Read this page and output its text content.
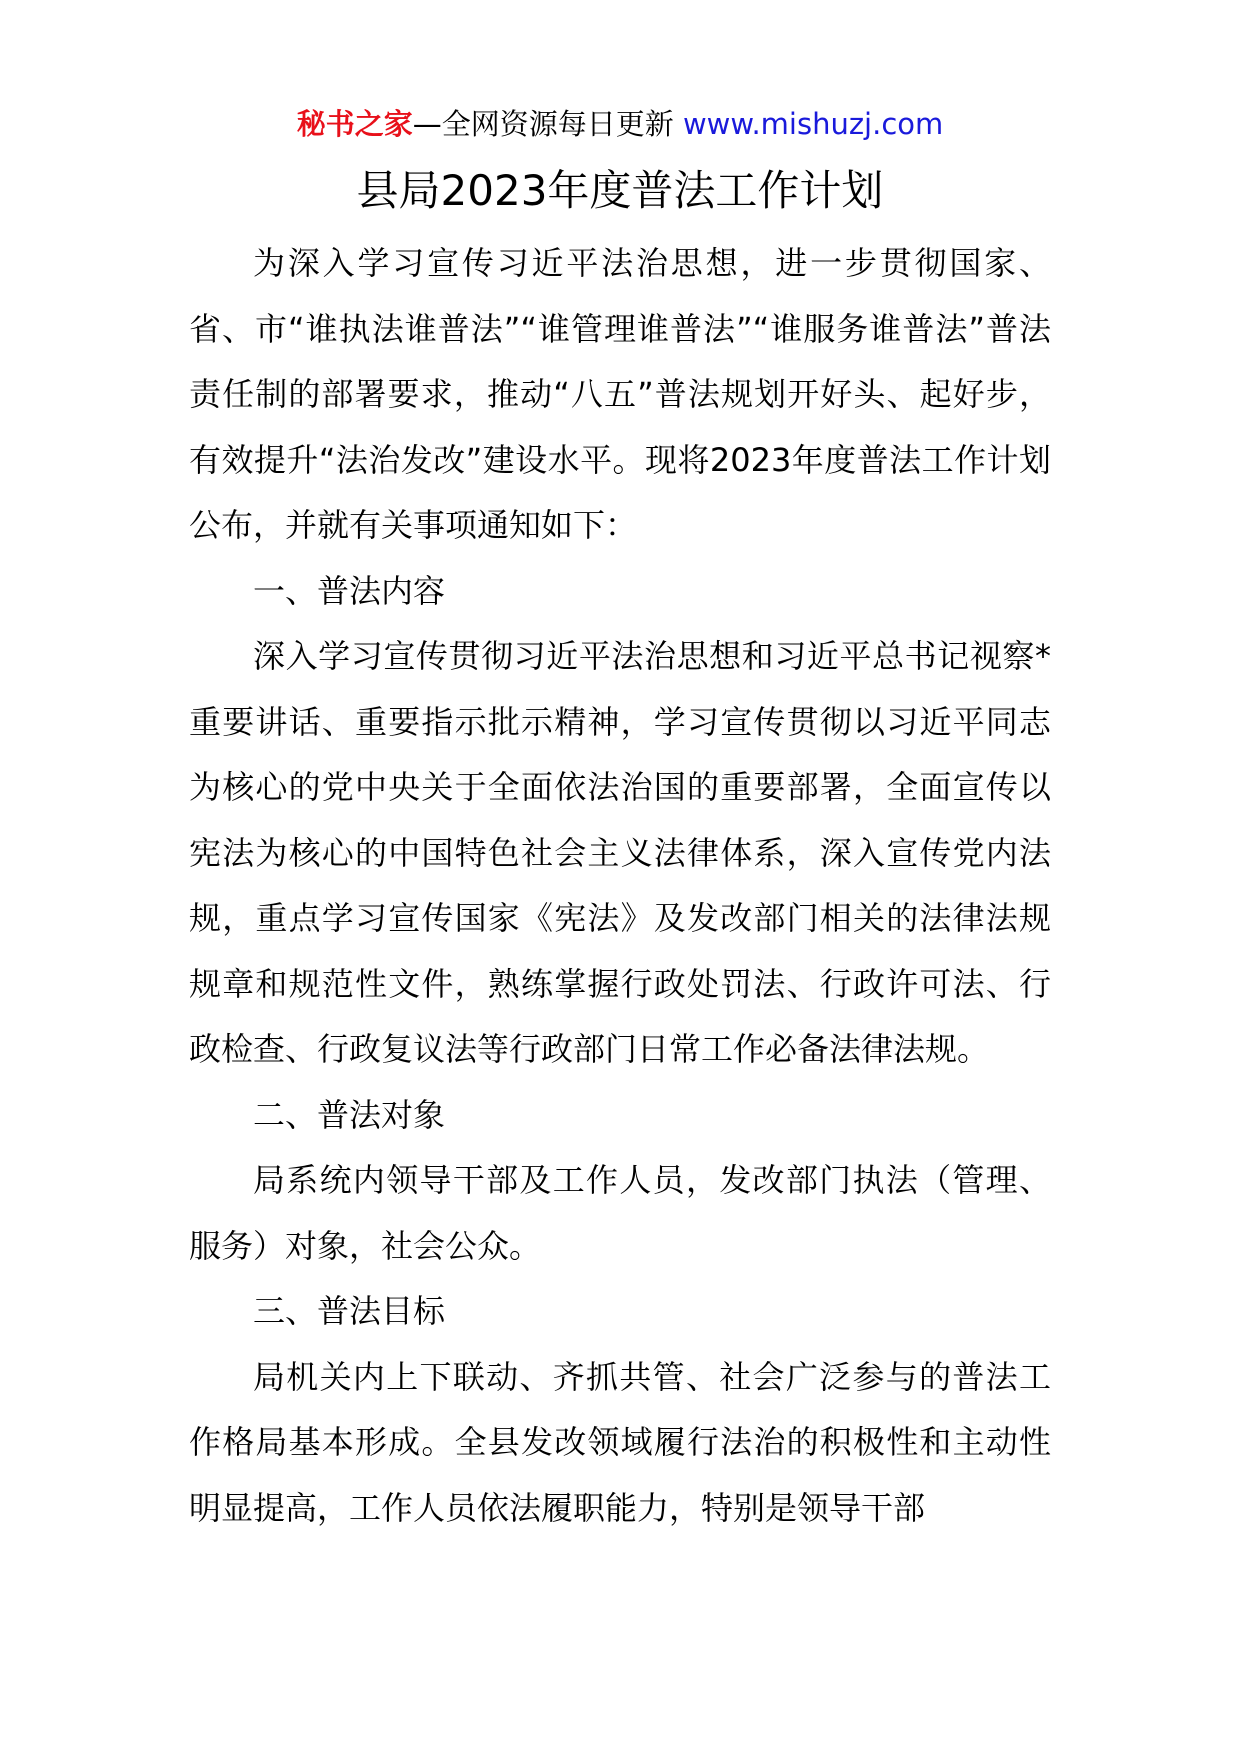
秘书之家—全网资源每日更新 www.mishuzj.com
县局2023年度普法工作计划

为深入学习宣传习近平法治思想，进一步贯彻国家、省、市“谁执法谁普法”“谁管理谁普法”“谁服务谁普法”普法责任制的部署要求，推动“八五”普法规划开好头、起好步，有效提升“法治发改”建设水平。现将2023年度普法工作计划公布，并就有关事项通知如下：

一、普法内容

深入学习宣传贯彻习近平法治思想和习近平总书记视察*重要讲话、重要指示批示精神，学习宣传贯彻以习近平同志为核心的党中央关于全面依法治国的重要部署，全面宣传以宪法为核心的中国特色社会主义法律体系，深入宣传党内法规，重点学习宣传国家《宪法》及发改部门相关的法律法规规章和规范性文件，熟练掌握行政处罚法、行政许可法、行政检查、行政复议法等行政部门日常工作必备法律法规。

二、普法对象

局系统内领导干部及工作人员，发改部门执法（管理、服务）对象，社会公众。

三、普法目标

局机关内上下联动、齐抓共管、社会广泛参与的普法工作格局基本形成。全县发改领域履行法治的积极性和主动性明显提高，工作人员依法履职能力，特别是领导干部
